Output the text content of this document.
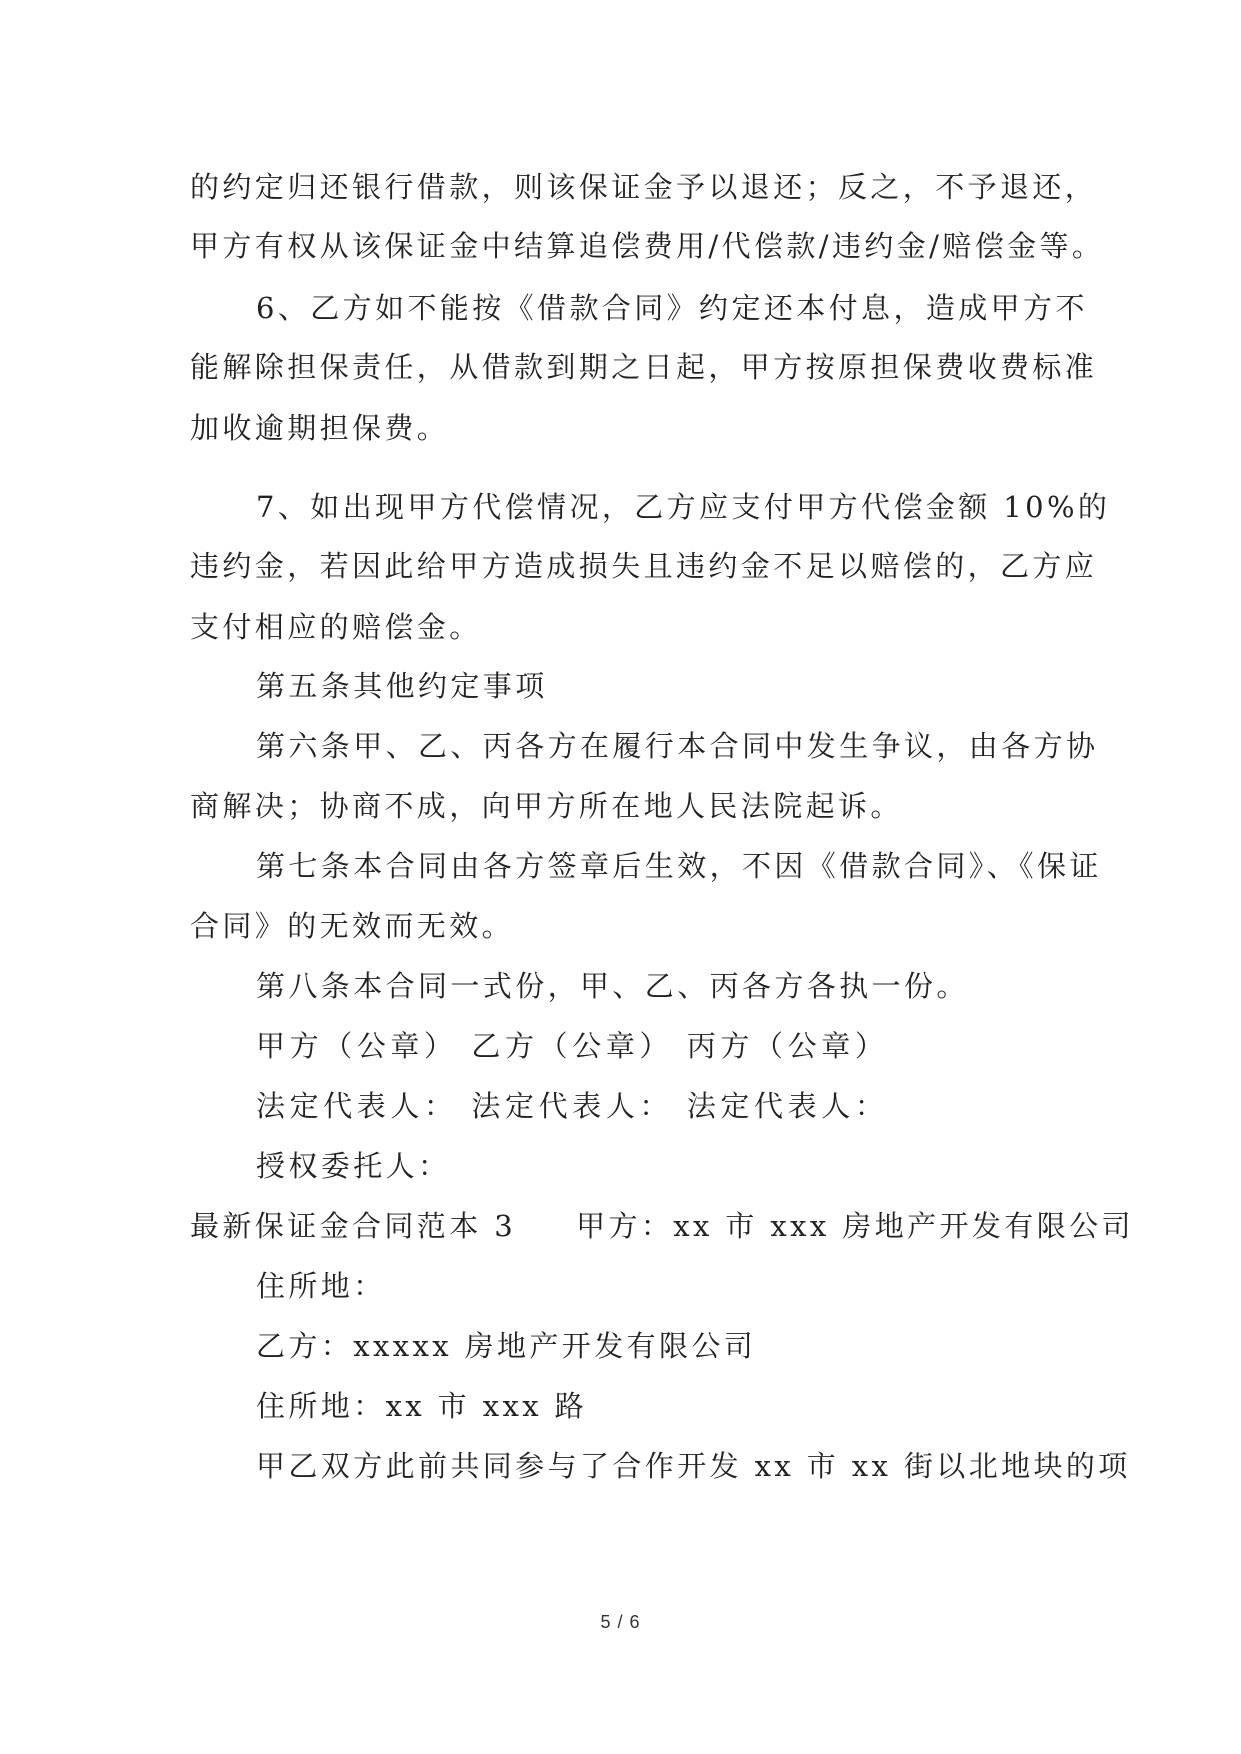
的约定归还银行借款，则该保证金予以退还；反之，不予退还，
甲方有权从该保证金中结算追偿费用/代偿款/违约金/赔偿金等。
6、乙方如不能按《借款合同》约定还本付息，造成甲方不
能解除担保责任，从借款到期之日起，甲方按原担保费收费标准
加收逾期担保费。
7、如出现甲方代偿情况，乙方应支付甲方代偿金额 10%的
违约金，若因此给甲方造成损失且违约金不足以赔偿的，乙方应
支付相应的赔偿金。
第五条其他约定事项
第六条甲、乙、丙各方在履行本合同中发生争议，由各方协
商解决；协商不成，向甲方所在地人民法院起诉。
第七条本合同由各方签章后生效，不因《借款合同》、《保证
合同》的无效而无效。
第八条本合同一式份，甲、乙、丙各方各执一份。
甲方（公章） 乙方（公章） 丙方（公章）
法定代表人： 法定代表人： 法定代表人：
授权委托人：
最新保证金合同范本 3 甲方：xx 市 xxx 房地产开发有限公司
住所地：
乙方：xxxxx 房地产开发有限公司
住所地：xx 市 xxx 路
甲乙双方此前共同参与了合作开发 xx 市 xx 街以北地块的项
5 / 6
